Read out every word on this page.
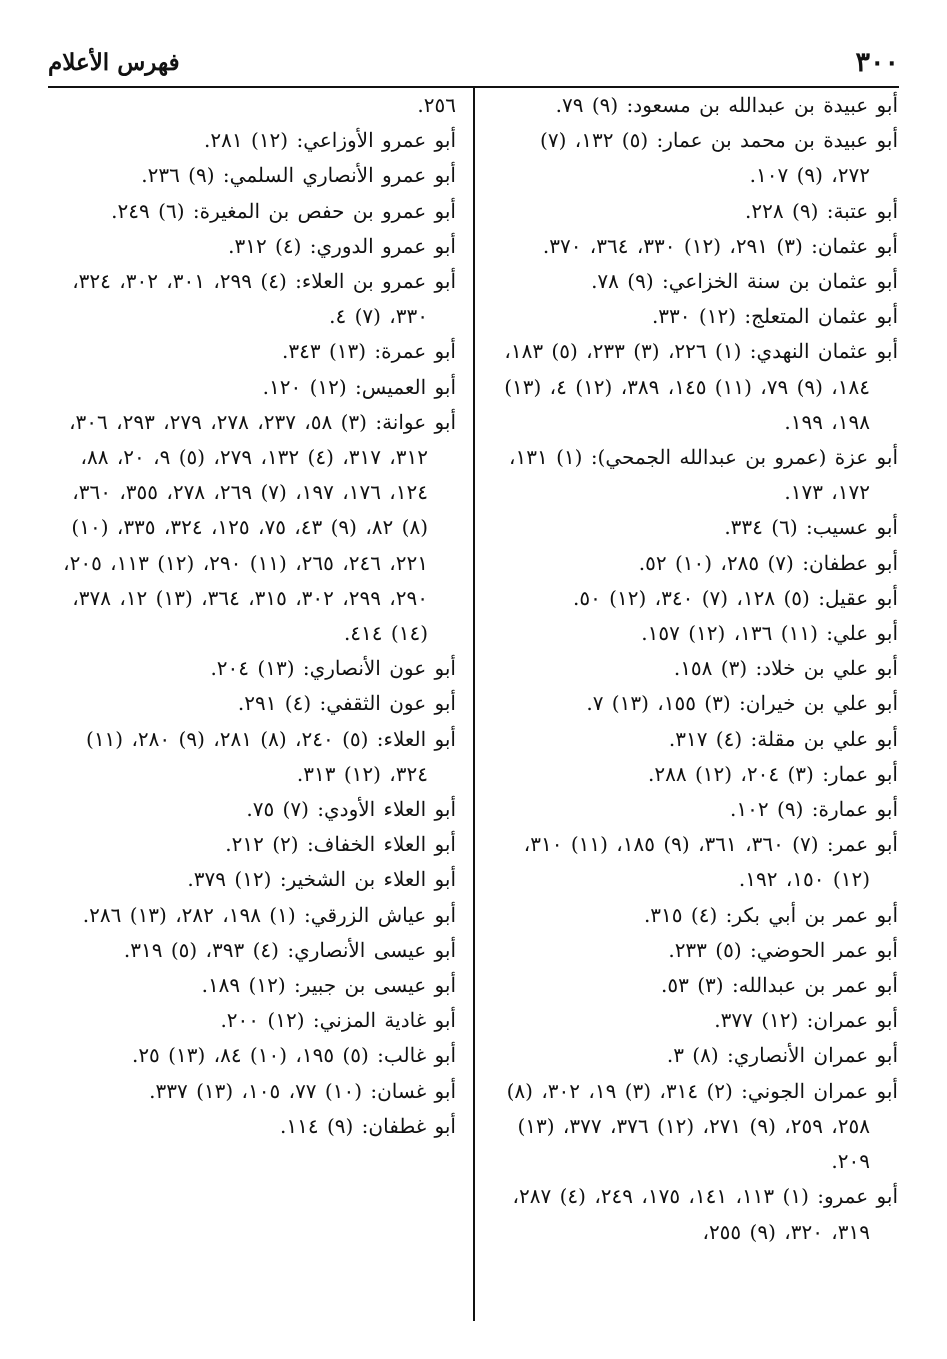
٣٠٠
فهرس الأعلام

أبو عبيدة بن عبدالله بن مسعود: (٩) ٧٩.

أبو عبيدة بن محمد بن عمار: (٥) ١٣٢، (٧) ٢٧٢، (٩) ١٠٧.

أبو عتبة: (٩) ٢٢٨.

أبو عثمان: (٣) ٢٩١، (١٢) ٣٣٠، ٣٦٤، ٣٧٠.

أبو عثمان بن سنة الخزاعي: (٩) ٧٨.

أبو عثمان المتعلج: (١٢) ٣٣٠.

أبو عثمان النهدي: (١) ٢٢٦، (٣) ٢٣٣، (٥) ١٨٣، ١٨٤، (٩) ٧٩، (١١) ١٤٥، ٣٨٩، (١٢) ٤، (١٣) ١٩٨، ١٩٩.

أبو عزة (عمرو بن عبدالله الجمحي): (١) ١٣١، ١٧٢، ١٧٣.

أبو عسيب: (٦) ٣٣٤.

أبو عطفان: (٧) ٢٨٥، (١٠) ٥٢.

أبو عقيل: (٥) ١٢٨، (٧) ٣٤٠، (١٢) ٥٠.

أبو علي: (١١) ١٣٦، (١٢) ١٥٧.

أبو علي بن خلاد: (٣) ١٥٨.

أبو علي بن خيران: (٣) ١٥٥، (١٣) ٧.

أبو علي بن مقلة: (٤) ٣١٧.

أبو عمار: (٣) ٢٠٤، (١٢) ٢٨٨.

أبو عمارة: (٩) ١٠٢.

أبو عمر: (٧) ٣٦٠، ٣٦١، (٩) ١٨٥، (١١) ٣١٠، (١٢) ١٥٠، ١٩٢.

أبو عمر بن أبي بكر: (٤) ٣١٥.

أبو عمر الحوضي: (٥) ٢٣٣.

أبو عمر بن عبدالله: (٣) ٥٣.

أبو عمران: (١٢) ٣٧٧.

أبو عمران الأنصاري: (٨) ٣.

أبو عمران الجوني: (٢) ٣١٤، (٣) ١٩، ٣٠٢، (٨) ٢٥٨، ٢٥٩، (٩) ٢٧١، (١٢) ٣٧٦، ٣٧٧، (١٣) ٢٠٩.

أبو عمرو: (١) ١١٣، ١٤١، ١٧٥، ٢٤٩، (٤) ٢٨٧، ٣١٩، ٣٢٠، (٩) ٢٥٥،

٢٥٦.

أبو عمرو الأوزاعي: (١٢) ٢٨١.

أبو عمرو الأنصاري السلمي: (٩) ٢٣٦.

أبو عمرو بن حفص بن المغيرة: (٦) ٢٤٩.

أبو عمرو الدوري: (٤) ٣١٢.

أبو عمرو بن العلاء: (٤) ٢٩٩، ٣٠١، ٣٠٢، ٣٢٤، ٣٣٠، (٧) ٤.

أبو عمرة: (١٣) ٣٤٣.

أبو العميس: (١٢) ١٢٠.

أبو عوانة: (٣) ٥٨، ٢٣٧، ٢٧٨، ٢٧٩، ٢٩٣، ٣٠٦، ٣١٢، ٣١٧، (٤) ١٣٢، ٢٧٩، (٥) ٩، ٢٠، ٨٨، ١٢٤، ١٧٦، ١٩٧، (٧) ٢٦٩، ٢٧٨، ٣٥٥، ٣٦٠، (٨) ٨٢، (٩) ٤٣، ٧٥، ١٢٥، ٣٢٤، ٣٣٥، (١٠) ٢٢١، ٢٤٦، ٢٦٥، (١١) ٢٩٠، (١٢) ١١٣، ٢٠٥، ٢٩٠، ٢٩٩، ٣٠٢، ٣١٥، ٣٦٤، (١٣) ١٢، ٣٧٨، (١٤) ٤١٤.

أبو عون الأنصاري: (١٣) ٢٠٤.

أبو عون الثقفي: (٤) ٢٩١.

أبو العلاء: (٥) ٢٤٠، (٨) ٢٨١، (٩) ٢٨٠، (١١) ٣٢٤، (١٢) ٣١٣.

أبو العلاء الأودي: (٧) ٧٥.

أبو العلاء الخفاف: (٢) ٢١٢.

أبو العلاء بن الشخير: (١٢) ٣٧٩.

أبو عياش الزرقي: (١) ١٩٨، ٢٨٢، (١٣) ٢٨٦.

أبو عيسى الأنصاري: (٤) ٣٩٣، (٥) ٣١٩.

أبو عيسى بن جبير: (١٢) ١٨٩.

أبو غادية المزني: (١٢) ٢٠٠.

أبو غالب: (٥) ١٩٥، (١٠) ٨٤، (١٣) ٢٥.

أبو غسان: (١٠) ٧٧، ١٠٥، (١٣) ٣٣٧.

أبو غطفان: (٩) ١١٤.
